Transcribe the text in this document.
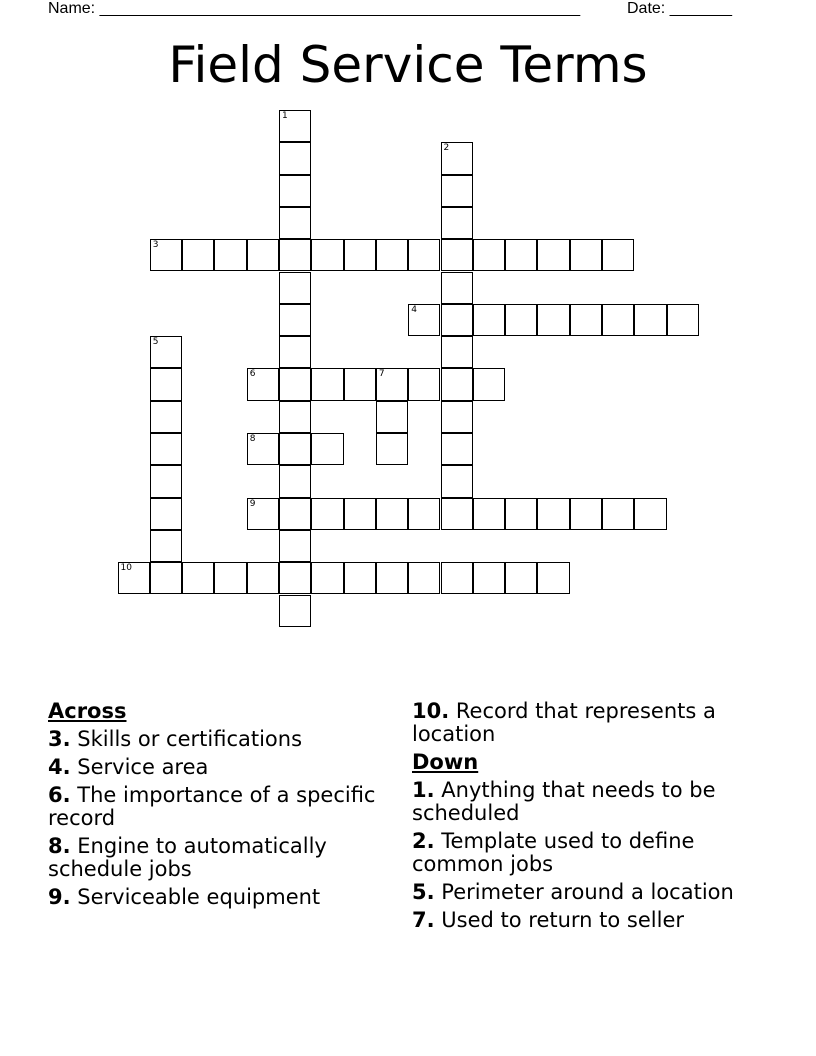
Name: ______________________________________________________	Date: _______
Field Service Terms
3
4
6	7
8
9
10
1
2
5
Across
3. Skills or certifications
4. Service area
6. The importance of a specific record
8. Engine to automatically schedule jobs
9. Serviceable equipment
10. Record that represents a location
Down
1. Anything that needs to be scheduled
2. Template used to define common jobs
5. Perimeter around a location
7. Used to return to seller
